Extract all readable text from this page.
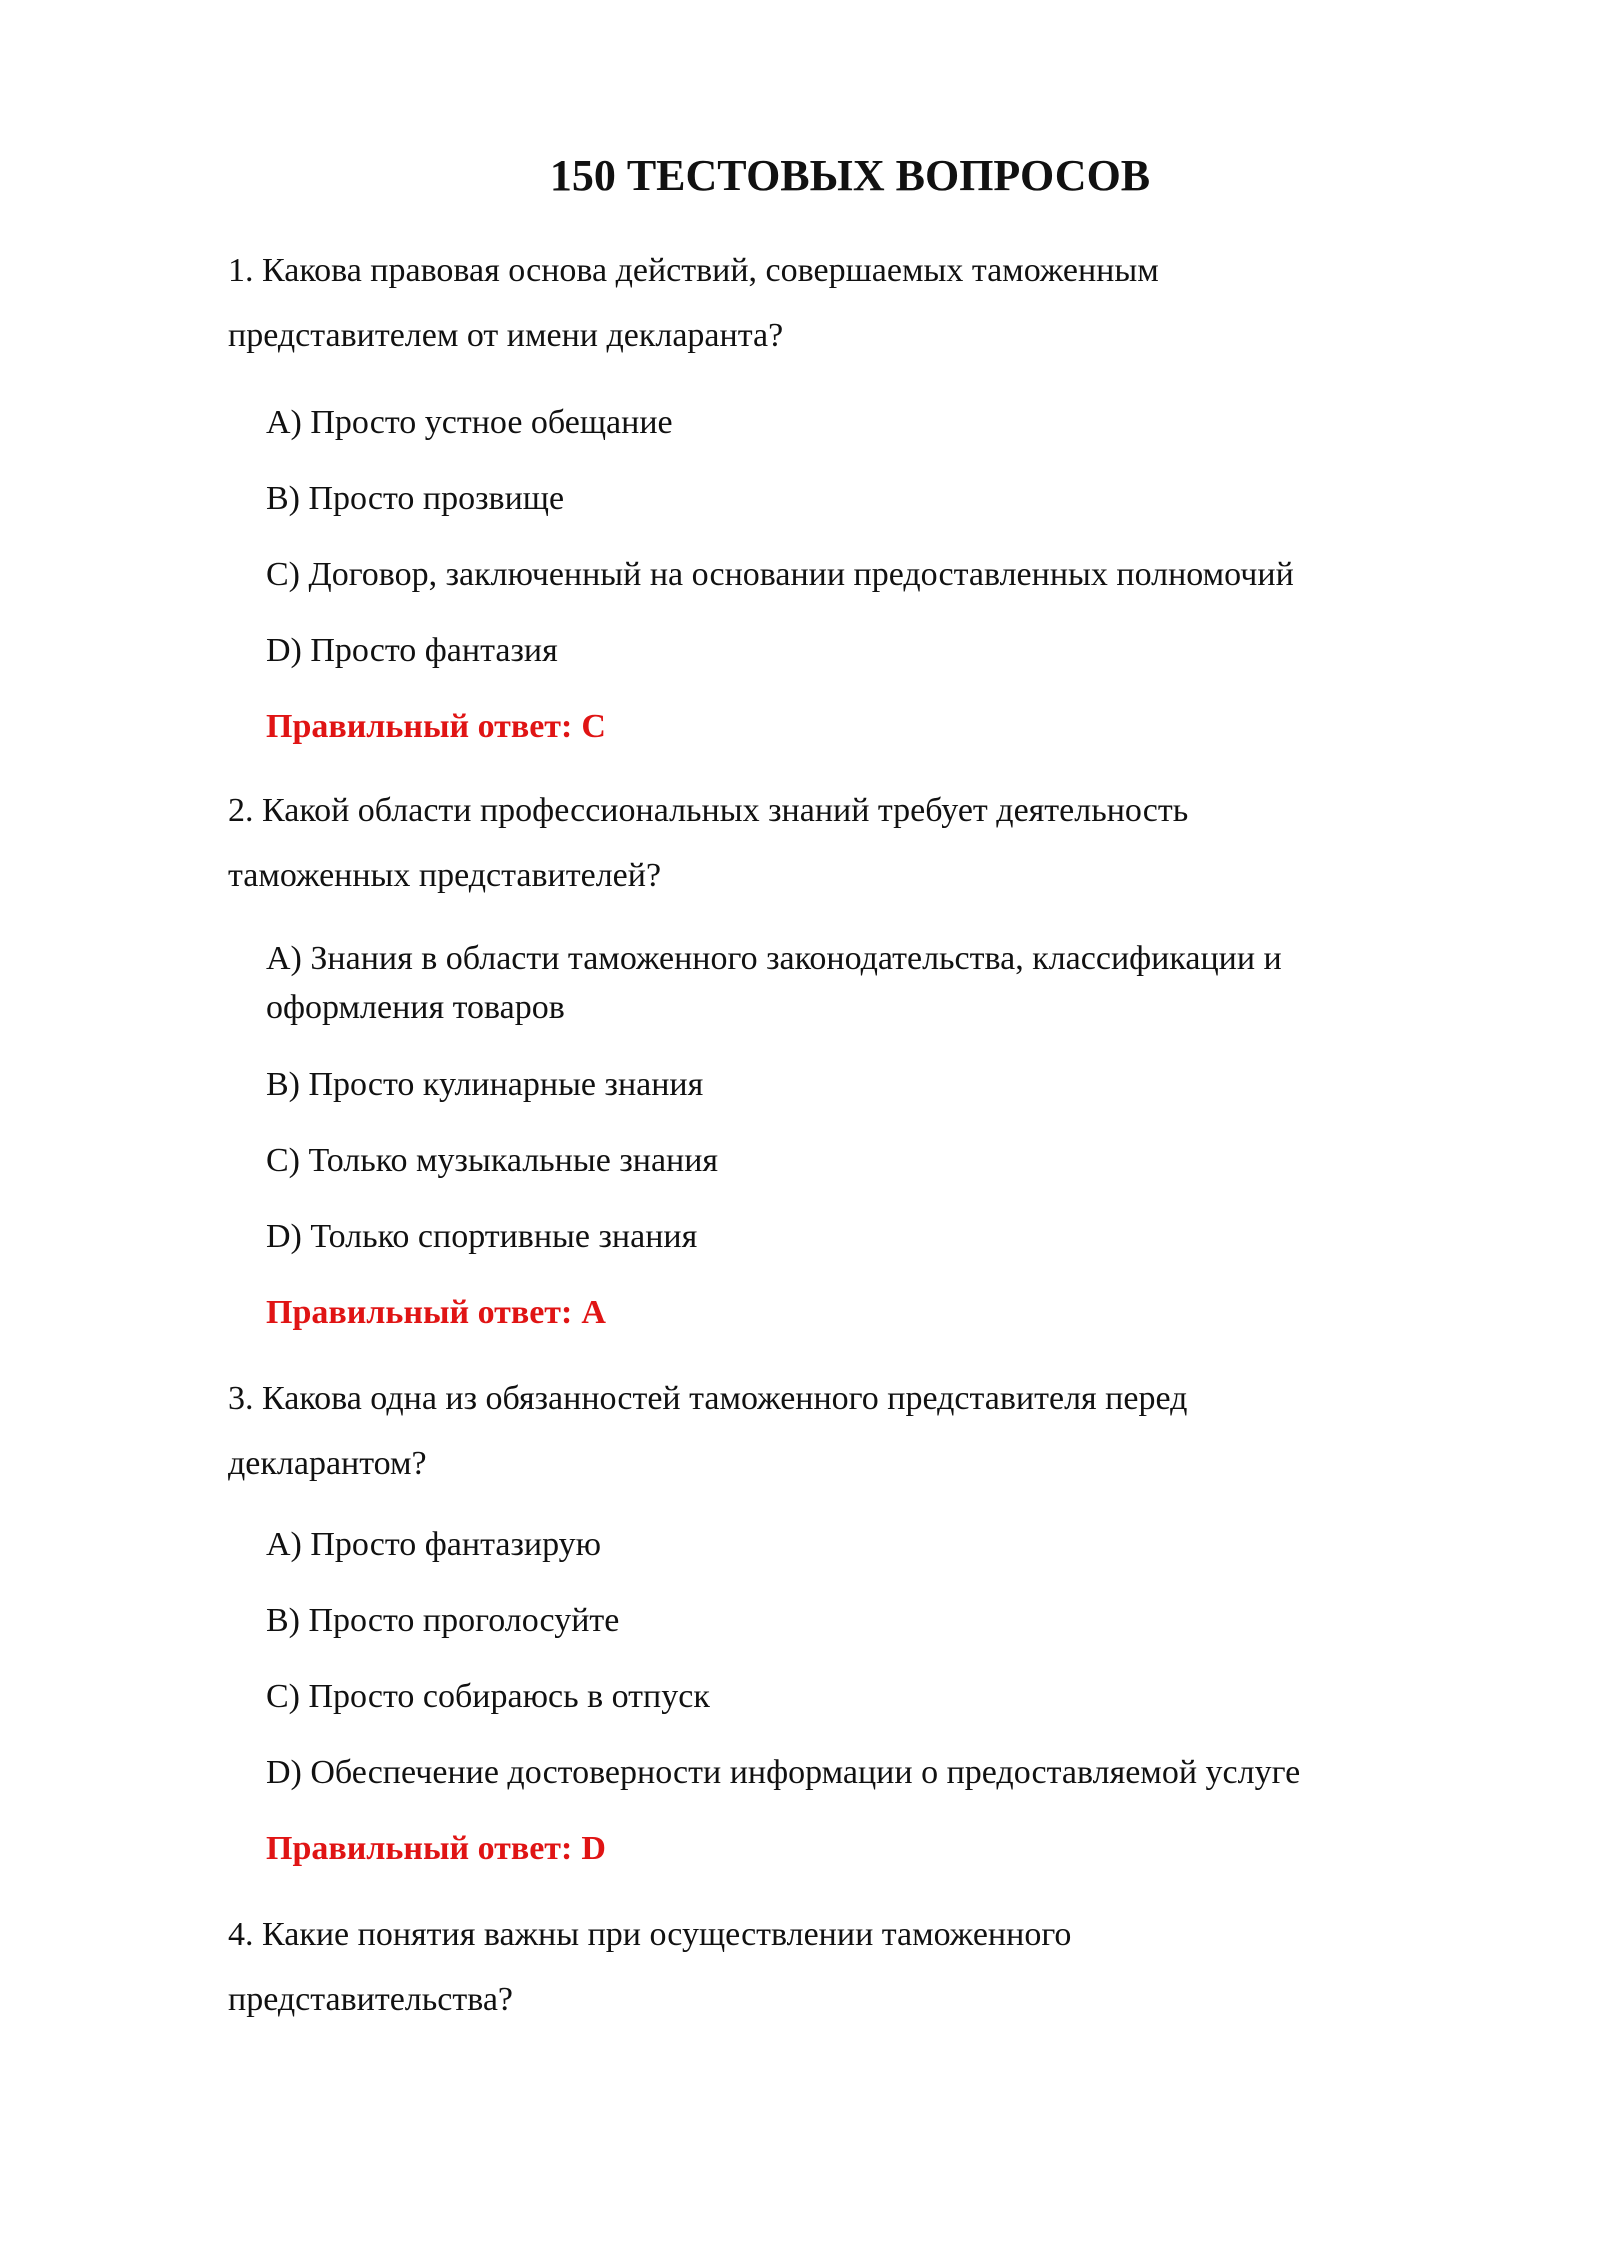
150 ТЕСТОВЫХ ВОПРОСОВ

1. Какова правовая основа действий, совершаемых таможенным представителем от имени декларанта?

A) Просто устное обещание
B) Просто прозвище
C) Договор, заключенный на основании предоставленных полномочий
D) Просто фантазия
Правильный ответ: C

2. Какой области профессиональных знаний требует деятельность таможенных представителей?

A) Знания в области таможенного законодательства, классификации и оформления товаров
B) Просто кулинарные знания
C) Только музыкальные знания
D) Только спортивные знания
Правильный ответ: A

3. Какова одна из обязанностей таможенного представителя перед декларантом?

A) Просто фантазирую
B) Просто проголосуйте
C) Просто собираюсь в отпуск
D) Обеспечение достоверности информации о предоставляемой услуге
Правильный ответ: D

4. Какие понятия важны при осуществлении таможенного представительства?
